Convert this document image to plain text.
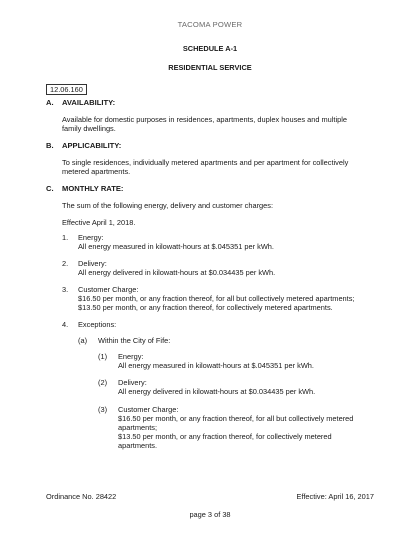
TACOMA POWER
SCHEDULE A-1
RESIDENTIAL SERVICE
12.06.160
A. AVAILABILITY:
Available for domestic purposes in residences, apartments, duplex houses and multiple
family dwellings.
B. APPLICABILITY:
To single residences, individually metered apartments and per apartment for collectively
metered apartments.
C. MONTHLY RATE:
The sum of the following energy, delivery and customer charges:
Effective April 1, 2018.
1. Energy:
All energy measured in kilowatt-hours at $.045351 per kWh.
2. Delivery:
All energy delivered in kilowatt-hours at $0.034435 per kWh.
3. Customer Charge:
$16.50 per month, or any fraction thereof, for all but collectively metered apartments;
$13.50 per month, or any fraction thereof, for collectively metered apartments.
4. Exceptions:
(a) Within the City of Fife:
(1) Energy:
All energy measured in kilowatt-hours at $.045351 per kWh.
(2) Delivery:
All energy delivered in kilowatt-hours at $0.034435 per kWh.
(3) Customer Charge:
$16.50 per month, or any fraction thereof, for all but collectively metered
apartments;
$13.50 per month, or any fraction thereof, for collectively metered
apartments.
Ordinance No. 28422	Effective: April 16, 2017
page 3 of 38
